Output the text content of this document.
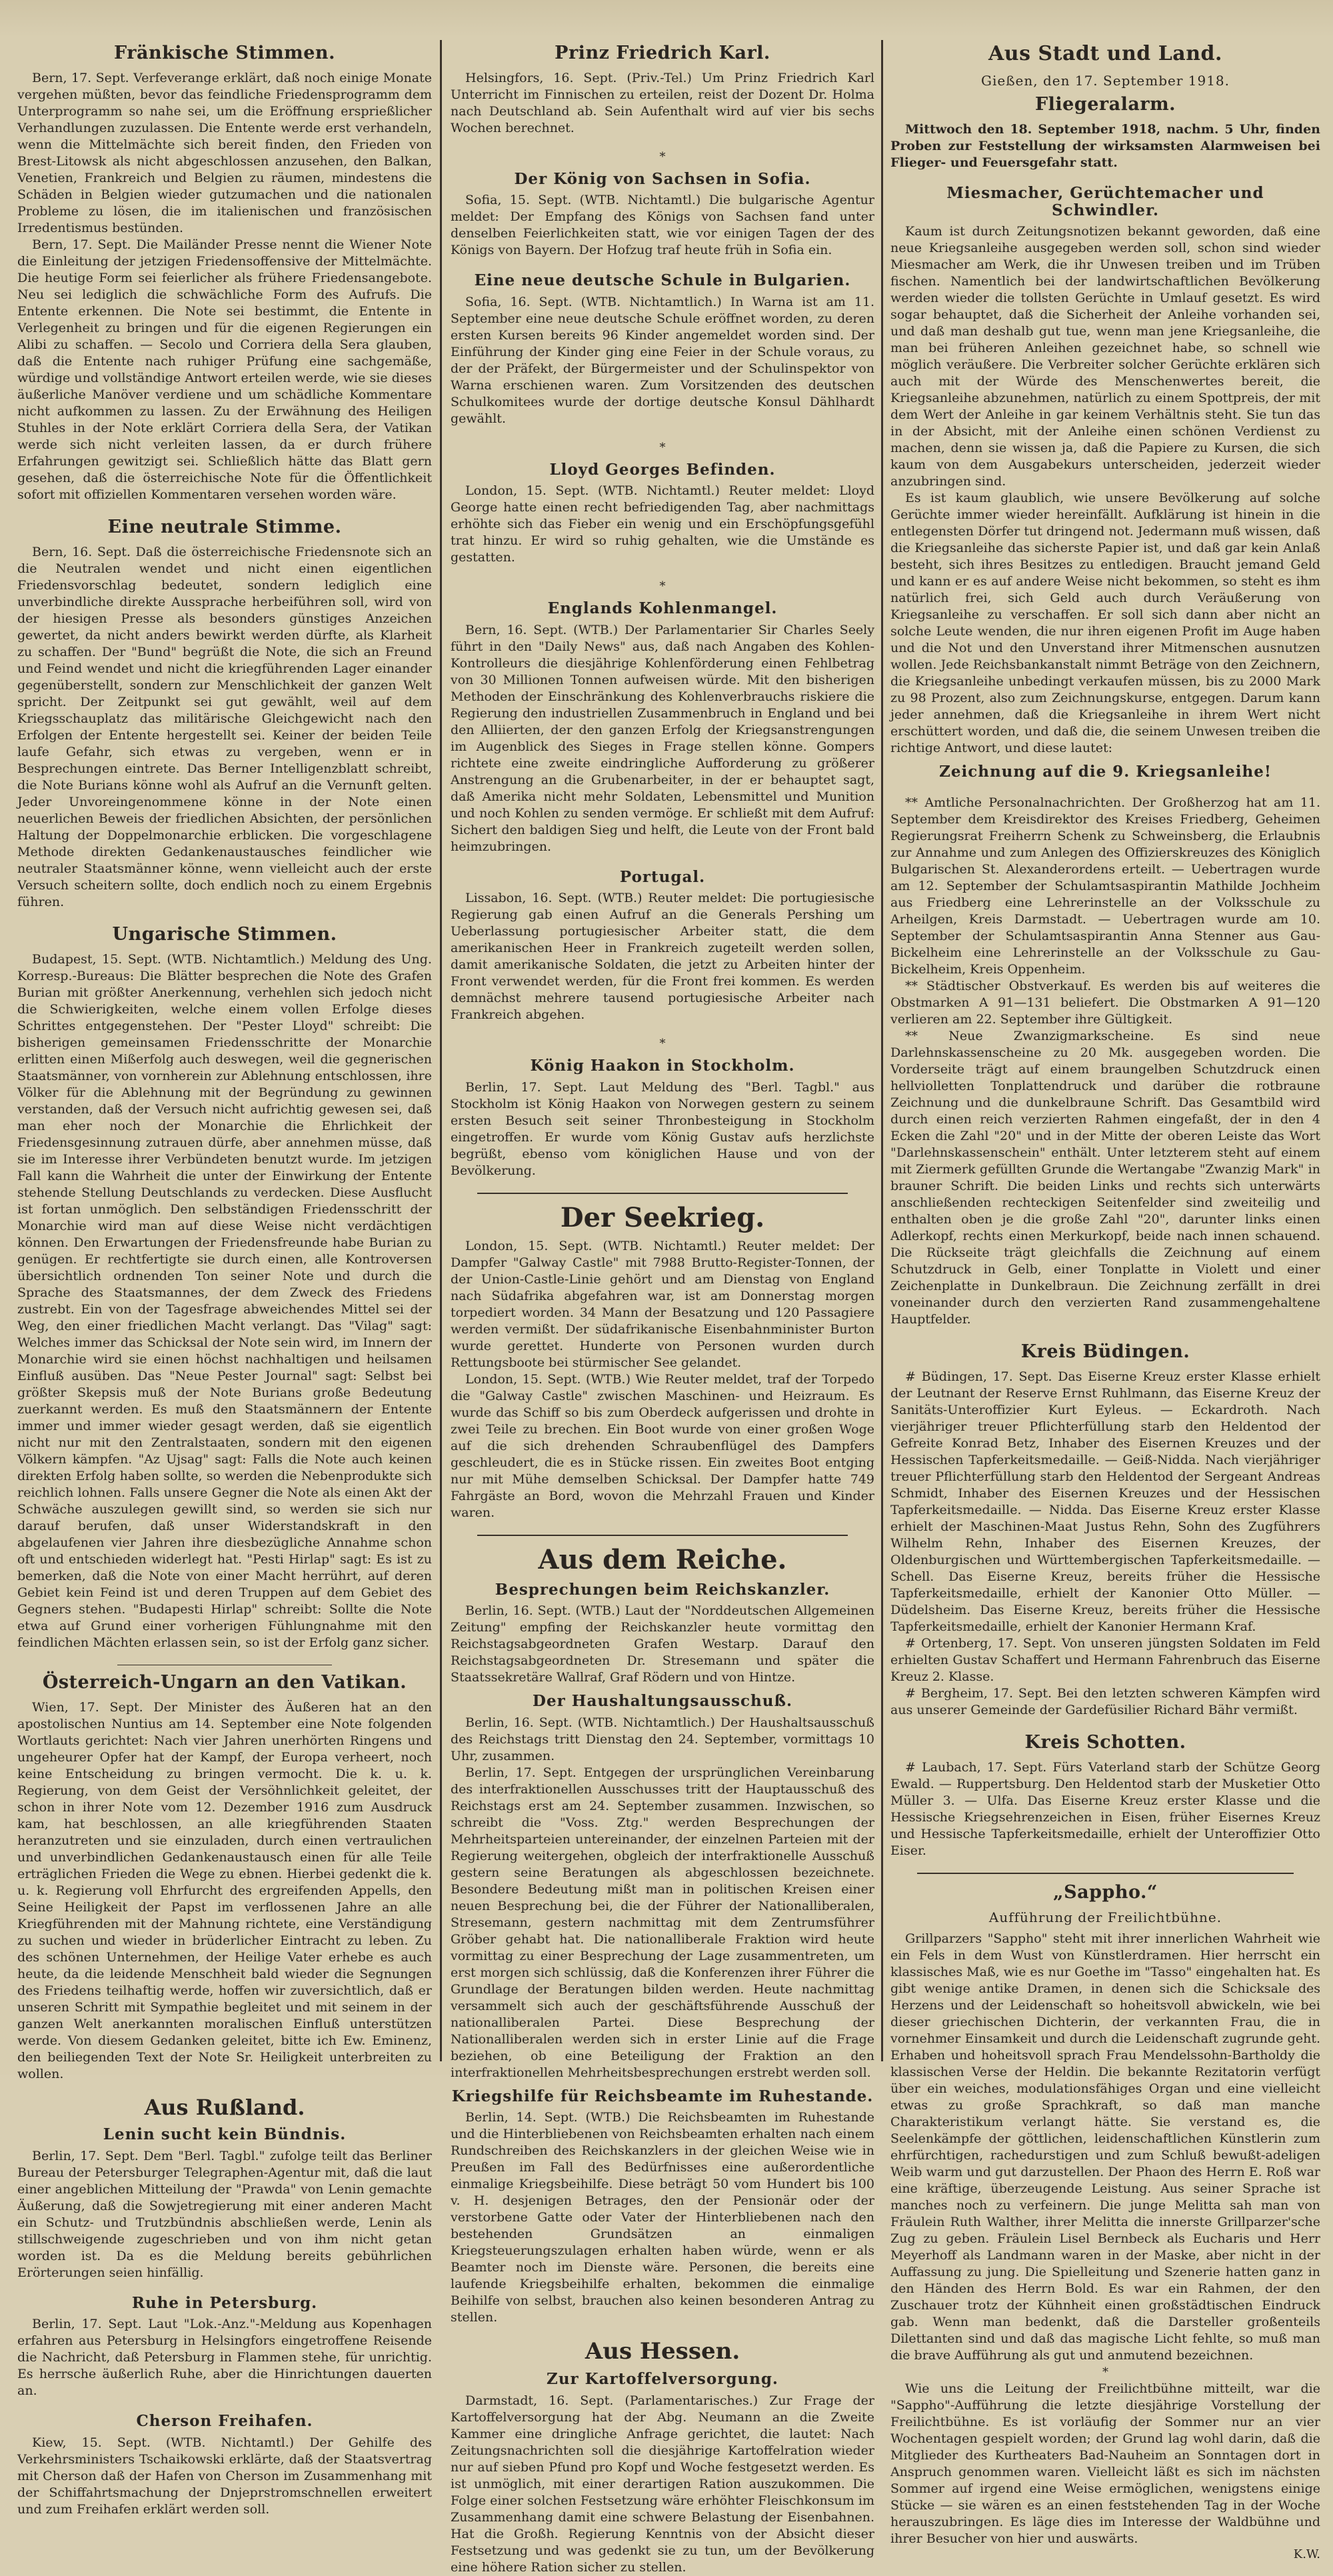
Fränkische Stimmen.

Bern, 17. Sept. Verfeverange erklärt, daß noch einige Monate vergehen müßten, bevor das feindliche Friedensprogramm dem Unterprogramm so nahe sei, um die Eröffnung ersprießlicher Verhandlungen zuzulassen. Die Entente werde erst verhandeln, wenn die Mittelmächte sich bereit finden, den Frieden von Brest-Litowsk als nicht abgeschlossen anzusehen, den Balkan, Venetien, Frankreich und Belgien zu räumen, mindestens die Schäden in Belgien wieder gutzumachen und die nationalen Probleme zu lösen, die im italienischen und französischen Irredentismus bestünden.

Bern, 17. Sept. Die Mailänder Presse nennt die Wiener Note die Einleitung der jetzigen Friedensoffensive der Mittelmächte. Die heutige Form sei feierlicher als frühere Friedensangebote. Neu sei lediglich die schwächliche Form des Aufrufs. Die Entente erkennen. Die Note sei bestimmt, die Entente in Verlegenheit zu bringen und für die eigenen Regierungen ein Alibi zu schaffen. — Secolo und Corriera della Sera glauben, daß die Entente nach ruhiger Prüfung eine sachgemäße, würdige und vollständige Antwort erteilen werde, wie sie dieses äußerliche Manöver verdiene und um schädliche Kommentare nicht aufkommen zu lassen. Zu der Erwähnung des Heiligen Stuhles in der Note erklärt Corriera della Sera, der Vatikan werde sich nicht verleiten lassen, da er durch frühere Erfahrungen gewitzigt sei. Schließlich hätte das Blatt gern gesehen, daß die österreichische Note für die Öffentlichkeit sofort mit offiziellen Kommentaren versehen worden wäre.

Eine neutrale Stimme.

Bern, 16. Sept. Daß die österreichische Friedensnote sich an die Neutralen wendet und nicht einen eigentlichen Friedensvorschlag bedeutet, sondern lediglich eine unverbindliche direkte Aussprache herbeiführen soll, wird von der hiesigen Presse als besonders günstiges Anzeichen gewertet, da nicht anders bewirkt werden dürfte, als Klarheit zu schaffen. Der "Bund" begrüßt die Note, die sich an Freund und Feind wendet und nicht die kriegführenden Lager einander gegenüberstellt, sondern zur Menschlichkeit der ganzen Welt spricht. Der Zeitpunkt sei gut gewählt, weil auf dem Kriegsschauplatz das militärische Gleichgewicht nach den Erfolgen der Entente hergestellt sei. Keiner der beiden Teile laufe Gefahr, sich etwas zu vergeben, wenn er in Besprechungen eintrete. Das Berner Intelligenzblatt schreibt, die Note Burians könne wohl als Aufruf an die Vernunft gelten. Jeder Unvoreingenommene könne in der Note einen neuerlichen Beweis der friedlichen Absichten, der persönlichen Haltung der Doppelmonarchie erblicken. Die vorgeschlagene Methode direkten Gedankenaustausches feindlicher wie neutraler Staatsmänner könne, wenn vielleicht auch der erste Versuch scheitern sollte, doch endlich noch zu einem Ergebnis führen.

Ungarische Stimmen.

Budapest, 15. Sept. (WTB. Nichtamtlich.) Meldung des Ung. Korresp.-Bureaus: Die Blätter besprechen die Note des Grafen Burian mit größter Anerkennung, verhehlen sich jedoch nicht die Schwierigkeiten, welche einem vollen Erfolge dieses Schrittes entgegenstehen. Der "Pester Lloyd" schreibt: Die bisherigen gemeinsamen Friedensschritte der Monarchie erlitten einen Mißerfolg auch deswegen, weil die gegnerischen Staatsmänner, von vornherein zur Ablehnung entschlossen, ihre Völker für die Ablehnung mit der Begründung zu gewinnen verstanden, daß der Versuch nicht aufrichtig gewesen sei, daß man eher noch der Monarchie die Ehrlichkeit der Friedensgesinnung zutrauen dürfe, aber annehmen müsse, daß sie im Interesse ihrer Verbündeten benutzt wurde. Im jetzigen Fall kann die Wahrheit die unter der Einwirkung der Entente stehende Stellung Deutschlands zu verdecken. Diese Ausflucht ist fortan unmöglich. Den selbständigen Friedensschritt der Monarchie wird man auf diese Weise nicht verdächtigen können. Den Erwartungen der Friedensfreunde habe Burian zu genügen. Er rechtfertigte sie durch einen, alle Kontroversen übersichtlich ordnenden Ton seiner Note und durch die Sprache des Staatsmannes, der dem Zweck des Friedens zustrebt. Ein von der Tagesfrage abweichendes Mittel sei der Weg, den einer friedlichen Macht verlangt. Das "Vilag" sagt: Welches immer das Schicksal der Note sein wird, im Innern der Monarchie wird sie einen höchst nachhaltigen und heilsamen Einfluß ausüben. Das "Neue Pester Journal" sagt: Selbst bei größter Skepsis muß der Note Burians große Bedeutung zuerkannt werden. Es muß den Staatsmännern der Entente immer und immer wieder gesagt werden, daß sie eigentlich nicht nur mit den Zentralstaaten, sondern mit den eigenen Völkern kämpfen. "Az Ujsag" sagt: Falls die Note auch keinen direkten Erfolg haben sollte, so werden die Nebenprodukte sich reichlich lohnen. Falls unsere Gegner die Note als einen Akt der Schwäche auszulegen gewillt sind, so werden sie sich nur darauf berufen, daß unser Widerstandskraft in den abgelaufenen vier Jahren ihre diesbezügliche Annahme schon oft und entschieden widerlegt hat. "Pesti Hirlap" sagt: Es ist zu bemerken, daß die Note von einer Macht herrührt, auf deren Gebiet kein Feind ist und deren Truppen auf dem Gebiet des Gegners stehen. "Budapesti Hirlap" schreibt: Sollte die Note etwa auf Grund einer vorherigen Fühlungnahme mit den feindlichen Mächten erlassen sein, so ist der Erfolg ganz sicher.

Österreich-Ungarn an den Vatikan.

Wien, 17. Sept. Der Minister des Äußeren hat an den apostolischen Nuntius am 14. September eine Note folgenden Wortlauts gerichtet: Nach vier Jahren unerhörten Ringens und ungeheurer Opfer hat der Kampf, der Europa verheert, noch keine Entscheidung zu bringen vermocht. Die k. u. k. Regierung, von dem Geist der Versöhnlichkeit geleitet, der schon in ihrer Note vom 12. Dezember 1916 zum Ausdruck kam, hat beschlossen, an alle kriegführenden Staaten heranzutreten und sie einzuladen, durch einen vertraulichen und unverbindlichen Gedankenaustausch einen für alle Teile erträglichen Frieden die Wege zu ebnen. Hierbei gedenkt die k. u. k. Regierung voll Ehrfurcht des ergreifenden Appells, den Seine Heiligkeit der Papst im verflossenen Jahre an alle Kriegführenden mit der Mahnung richtete, eine Verständigung zu suchen und wieder in brüderlicher Eintracht zu leben. Zu des schönen Unternehmen, der Heilige Vater erhebe es auch heute, da die leidende Menschheit bald wieder die Segnungen des Friedens teilhaftig werde, hoffen wir zuversichtlich, daß er unseren Schritt mit Sympathie begleitet und mit seinem in der ganzen Welt anerkannten moralischen Einfluß unterstützen werde. Von diesem Gedanken geleitet, bitte ich Ew. Eminenz, den beiliegenden Text der Note Sr. Heiligkeit unterbreiten zu wollen.

Aus Rußland.
Lenin sucht kein Bündnis.

Berlin, 17. Sept. Dem "Berl. Tagbl." zufolge teilt das Berliner Bureau der Petersburger Telegraphen-Agentur mit, daß die laut einer angeblichen Mitteilung der "Prawda" von Lenin gemachte Äußerung, daß die Sowjetregierung mit einer anderen Macht ein Schutz- und Trutzbündnis abschließen werde, Lenin als stillschweigende zugeschrieben und von ihm nicht getan worden ist. Da es die Meldung bereits gebührlichen Erörterungen seien hinfällig.

Ruhe in Petersburg.

Berlin, 17. Sept. Laut "Lok.-Anz."-Meldung aus Kopenhagen erfahren aus Petersburg in Helsingfors eingetroffene Reisende die Nachricht, daß Petersburg in Flammen stehe, für unrichtig. Es herrsche äußerlich Ruhe, aber die Hinrichtungen dauerten an.

Cherson Freihafen.

Kiew, 15. Sept. (WTB. Nichtamtl.) Der Gehilfe des Verkehrsministers Tschaikowski erklärte, daß der Staatsvertrag mit Cherson daß der Hafen von Cherson im Zusammenhang mit der Schiffahrtsmachung der Dnjeprstromschnellen erweitert und zum Freihafen erklärt werden soll.

Prinz Friedrich Karl.

Helsingfors, 16. Sept. (Priv.-Tel.) Um Prinz Friedrich Karl Unterricht im Finnischen zu erteilen, reist der Dozent Dr. Holma nach Deutschland ab. Sein Aufenthalt wird auf vier bis sechs Wochen berechnet.

*
Der König von Sachsen in Sofia.

Sofia, 15. Sept. (WTB. Nichtamtl.) Die bulgarische Agentur meldet: Der Empfang des Königs von Sachsen fand unter denselben Feierlichkeiten statt, wie vor einigen Tagen der des Königs von Bayern. Der Hofzug traf heute früh in Sofia ein.

Eine neue deutsche Schule in Bulgarien.

Sofia, 16. Sept. (WTB. Nichtamtlich.) In Warna ist am 11. September eine neue deutsche Schule eröffnet worden, zu deren ersten Kursen bereits 96 Kinder angemeldet worden sind. Der Einführung der Kinder ging eine Feier in der Schule voraus, zu der der Präfekt, der Bürgermeister und der Schulinspektor von Warna erschienen waren. Zum Vorsitzenden des deutschen Schulkomitees wurde der dortige deutsche Konsul Dählhardt gewählt.

*
Lloyd Georges Befinden.

London, 15. Sept. (WTB. Nichtamtl.) Reuter meldet: Lloyd George hatte einen recht befriedigenden Tag, aber nachmittags erhöhte sich das Fieber ein wenig und ein Erschöpfungsgefühl trat hinzu. Er wird so ruhig gehalten, wie die Umstände es gestatten.

*
Englands Kohlenmangel.

Bern, 16. Sept. (WTB.) Der Parlamentarier Sir Charles Seely führt in den "Daily News" aus, daß nach Angaben des Kohlen-Kontrolleurs die diesjährige Kohlenförderung einen Fehlbetrag von 30 Millionen Tonnen aufweisen würde. Mit den bisherigen Methoden der Einschränkung des Kohlenverbrauchs riskiere die Regierung den industriellen Zusammenbruch in England und bei den Alliierten, der den ganzen Erfolg der Kriegsanstrengungen im Augenblick des Sieges in Frage stellen könne. Gompers richtete eine zweite eindringliche Aufforderung zu größerer Anstrengung an die Grubenarbeiter, in der er behauptet sagt, daß Amerika nicht mehr Soldaten, Lebensmittel und Munition und noch Kohlen zu senden vermöge. Er schließt mit dem Aufruf: Sichert den baldigen Sieg und helft, die Leute von der Front bald heimzubringen.

Portugal.

Lissabon, 16. Sept. (WTB.) Reuter meldet: Die portugiesische Regierung gab einen Aufruf an die Generals Pershing um Ueberlassung portugiesischer Arbeiter statt, die dem amerikanischen Heer in Frankreich zugeteilt werden sollen, damit amerikanische Soldaten, die jetzt zu Arbeiten hinter der Front verwendet werden, für die Front frei kommen. Es werden demnächst mehrere tausend portugiesische Arbeiter nach Frankreich abgehen.

*
König Haakon in Stockholm.

Berlin, 17. Sept. Laut Meldung des "Berl. Tagbl." aus Stockholm ist König Haakon von Norwegen gestern zu seinem ersten Besuch seit seiner Thronbesteigung in Stockholm eingetroffen. Er wurde vom König Gustav aufs herzlichste begrüßt, ebenso vom königlichen Hause und von der Bevölkerung.

Der Seekrieg.

London, 15. Sept. (WTB. Nichtamtl.) Reuter meldet: Der Dampfer "Galway Castle" mit 7988 Brutto-Register-Tonnen, der der Union-Castle-Linie gehört und am Dienstag von England nach Südafrika abgefahren war, ist am Donnerstag morgen torpediert worden. 34 Mann der Besatzung und 120 Passagiere werden vermißt. Der südafrikanische Eisenbahnminister Burton wurde gerettet. Hunderte von Personen wurden durch Rettungsboote bei stürmischer See gelandet.

London, 15. Sept. (WTB.) Wie Reuter meldet, traf der Torpedo die "Galway Castle" zwischen Maschinen- und Heizraum. Es wurde das Schiff so bis zum Oberdeck aufgerissen und drohte in zwei Teile zu brechen. Ein Boot wurde von einer großen Woge auf die sich drehenden Schraubenflügel des Dampfers geschleudert, die es in Stücke rissen. Ein zweites Boot entging nur mit Mühe demselben Schicksal. Der Dampfer hatte 749 Fahrgäste an Bord, wovon die Mehrzahl Frauen und Kinder waren.

Aus dem Reiche.
Besprechungen beim Reichskanzler.

Berlin, 16. Sept. (WTB.) Laut der "Norddeutschen Allgemeinen Zeitung" empfing der Reichskanzler heute vormittag den Reichstagsabgeordneten Grafen Westarp. Darauf den Reichstagsabgeordneten Dr. Stresemann und später die Staatssekretäre Wallraf, Graf Rödern und von Hintze.

Der Haushaltungsausschuß.

Berlin, 16. Sept. (WTB. Nichtamtlich.) Der Haushaltsausschuß des Reichstags tritt Dienstag den 24. September, vormittags 10 Uhr, zusammen.

Berlin, 17. Sept. Entgegen der ursprünglichen Vereinbarung des interfraktionellen Ausschusses tritt der Hauptausschuß des Reichstags erst am 24. September zusammen. Inzwischen, so schreibt die "Voss. Ztg." werden Besprechungen der Mehrheitsparteien untereinander, der einzelnen Parteien mit der Regierung weitergehen, obgleich der interfraktionelle Ausschuß gestern seine Beratungen als abgeschlossen bezeichnete. Besondere Bedeutung mißt man in politischen Kreisen einer neuen Besprechung bei, die der Führer der Nationalliberalen, Stresemann, gestern nachmittag mit dem Zentrumsführer Gröber gehabt hat. Die nationalliberale Fraktion wird heute vormittag zu einer Besprechung der Lage zusammentreten, um erst morgen sich schlüssig, daß die Konferenzen ihrer Führer die Grundlage der Beratungen bilden werden. Heute nachmittag versammelt sich auch der geschäftsführende Ausschuß der nationalliberalen Partei. Diese Besprechung der Nationalliberalen werden sich in erster Linie auf die Frage beziehen, ob eine Beteiligung der Fraktion an den interfraktionellen Mehrheitsbesprechungen erstrebt werden soll.

Kriegshilfe für Reichsbeamte im Ruhestande.

Berlin, 14. Sept. (WTB.) Die Reichsbeamten im Ruhestande und die Hinterbliebenen von Reichsbeamten erhalten nach einem Rundschreiben des Reichskanzlers in der gleichen Weise wie in Preußen im Fall des Bedürfnisses eine außerordentliche einmalige Kriegsbeihilfe. Diese beträgt 50 vom Hundert bis 100 v. H. desjenigen Betrages, den der Pensionär oder der verstorbene Gatte oder Vater der Hinterbliebenen nach den bestehenden Grundsätzen an einmaligen Kriegsteuerungszulagen erhalten haben würde, wenn er als Beamter noch im Dienste wäre. Personen, die bereits eine laufende Kriegsbeihilfe erhalten, bekommen die einmalige Beihilfe von selbst, brauchen also keinen besonderen Antrag zu stellen.

Aus Hessen.
Zur Kartoffelversorgung.

Darmstadt, 16. Sept. (Parlamentarisches.) Zur Frage der Kartoffelversorgung hat der Abg. Neumann an die Zweite Kammer eine dringliche Anfrage gerichtet, die lautet: Nach Zeitungsnachrichten soll die diesjährige Kartoffelration wieder nur auf sieben Pfund pro Kopf und Woche festgesetzt werden. Es ist unmöglich, mit einer derartigen Ration auszukommen. Die Folge einer solchen Festsetzung wäre erhöhter Fleischkonsum im Zusammenhang damit eine schwere Belastung der Eisenbahnen. Hat die Großh. Regierung Kenntnis von der Absicht dieser Festsetzung und was gedenkt sie zu tun, um der Bevölkerung eine höhere Ration sicher zu stellen.

Aus Stadt und Land.
Gießen, den 17. September 1918.
Fliegeralarm.

Mittwoch den 18. September 1918, nachm. 5 Uhr, finden Proben zur Feststellung der wirksamsten Alarmweisen bei Flieger- und Feuersgefahr statt.

Miesmacher, Gerüchtemacher und Schwindler.

Kaum ist durch Zeitungsnotizen bekannt geworden, daß eine neue Kriegsanleihe ausgegeben werden soll, schon sind wieder Miesmacher am Werk, die ihr Unwesen treiben und im Trüben fischen. Namentlich bei der landwirtschaftlichen Bevölkerung werden wieder die tollsten Gerüchte in Umlauf gesetzt. Es wird sogar behauptet, daß die Sicherheit der Anleihe vorhanden sei, und daß man deshalb gut tue, wenn man jene Kriegsanleihe, die man bei früheren Anleihen gezeichnet habe, so schnell wie möglich veräußere. Die Verbreiter solcher Gerüchte erklären sich auch mit der Würde des Menschenwertes bereit, die Kriegsanleihe abzunehmen, natürlich zu einem Spottpreis, der mit dem Wert der Anleihe in gar keinem Verhältnis steht. Sie tun das in der Absicht, mit der Anleihe einen schönen Verdienst zu machen, denn sie wissen ja, daß die Papiere zu Kursen, die sich kaum von dem Ausgabekurs unterscheiden, jederzeit wieder anzubringen sind.

Es ist kaum glaublich, wie unsere Bevölkerung auf solche Gerüchte immer wieder hereinfällt. Aufklärung ist hinein in die entlegensten Dörfer tut dringend not. Jedermann muß wissen, daß die Kriegsanleihe das sicherste Papier ist, und daß gar kein Anlaß besteht, sich ihres Besitzes zu entledigen. Braucht jemand Geld und kann er es auf andere Weise nicht bekommen, so steht es ihm natürlich frei, sich Geld auch durch Veräußerung von Kriegsanleihe zu verschaffen. Er soll sich dann aber nicht an solche Leute wenden, die nur ihren eigenen Profit im Auge haben und die Not und den Unverstand ihrer Mitmenschen ausnutzen wollen. Jede Reichsbankanstalt nimmt Beträge von den Zeichnern, die Kriegsanleihe unbedingt verkaufen müssen, bis zu 2000 Mark zu 98 Prozent, also zum Zeichnungskurse, entgegen. Darum kann jeder annehmen, daß die Kriegsanleihe in ihrem Wert nicht erschüttert worden, und daß die, die seinem Unwesen treiben die richtige Antwort, und diese lautet:

Zeichnung auf die 9. Kriegsanleihe!

** Amtliche Personalnachrichten. Der Großherzog hat am 11. September dem Kreisdirektor des Kreises Friedberg, Geheimen Regierungsrat Freiherrn Schenk zu Schweinsberg, die Erlaubnis zur Annahme und zum Anlegen des Offizierskreuzes des Königlich Bulgarischen St. Alexanderordens erteilt. — Uebertragen wurde am 12. September der Schulamtsaspirantin Mathilde Jochheim aus Friedberg eine Lehrerinstelle an der Volksschule zu Arheilgen, Kreis Darmstadt. — Uebertragen wurde am 10. September der Schulamtsaspirantin Anna Stenner aus Gau-Bickelheim eine Lehrerinstelle an der Volksschule zu Gau-Bickelheim, Kreis Oppenheim.

** Städtischer Obstverkauf. Es werden bis auf weiteres die Obstmarken A 91—131 beliefert. Die Obstmarken A 91—120 verlieren am 22. September ihre Gültigkeit.

** Neue Zwanzigmarkscheine. Es sind neue Darlehnskassenscheine zu 20 Mk. ausgegeben worden. Die Vorderseite trägt auf einem braungelben Schutzdruck einen hellviolletten Tonplattendruck und darüber die rotbraune Zeichnung und die dunkelbraune Schrift. Das Gesamtbild wird durch einen reich verzierten Rahmen eingefaßt, der in den 4 Ecken die Zahl "20" und in der Mitte der oberen Leiste das Wort "Darlehnskassenschein" enthält. Unter letzterem steht auf einem mit Ziermerk gefüllten Grunde die Wertangabe "Zwanzig Mark" in brauner Schrift. Die beiden Links und rechts sich unterwärts anschließenden rechteckigen Seitenfelder sind zweiteilig und enthalten oben je die große Zahl "20", darunter links einen Adlerkopf, rechts einen Merkurkopf, beide nach innen schauend. Die Rückseite trägt gleichfalls die Zeichnung auf einem Schutzdruck in Gelb, einer Tonplatte in Violett und einer Zeichenplatte in Dunkelbraun. Die Zeichnung zerfällt in drei voneinander durch den verzierten Rand zusammengehaltene Hauptfelder.

Kreis Büdingen.

# Büdingen, 17. Sept. Das Eiserne Kreuz erster Klasse erhielt der Leutnant der Reserve Ernst Ruhlmann, das Eiserne Kreuz der Sanitäts-Unteroffizier Kurt Eyleus. — Eckardroth. Nach vierjähriger treuer Pflichterfüllung starb den Heldentod der Gefreite Konrad Betz, Inhaber des Eisernen Kreuzes und der Hessischen Tapferkeitsmedaille. — Geiß-Nidda. Nach vierjähriger treuer Pflichterfüllung starb den Heldentod der Sergeant Andreas Schmidt, Inhaber des Eisernen Kreuzes und der Hessischen Tapferkeitsmedaille. — Nidda. Das Eiserne Kreuz erster Klasse erhielt der Maschinen-Maat Justus Rehn, Sohn des Zugführers Wilhelm Rehn, Inhaber des Eisernen Kreuzes, der Oldenburgischen und Württembergischen Tapferkeitsmedaille. — Schell. Das Eiserne Kreuz, bereits früher die Hessische Tapferkeitsmedaille, erhielt der Kanonier Otto Müller. — Düdelsheim. Das Eiserne Kreuz, bereits früher die Hessische Tapferkeitsmedaille, erhielt der Kanonier Hermann Kraf.

# Ortenberg, 17. Sept. Von unseren jüngsten Soldaten im Feld erhielten Gustav Schaffert und Hermann Fahrenbruch das Eiserne Kreuz 2. Klasse.

# Bergheim, 17. Sept. Bei den letzten schweren Kämpfen wird aus unserer Gemeinde der Gardefüsilier Richard Bähr vermißt.

Kreis Schotten.

# Laubach, 17. Sept. Fürs Vaterland starb der Schütze Georg Ewald. — Ruppertsburg. Den Heldentod starb der Musketier Otto Müller 3. — Ulfa. Das Eiserne Kreuz erster Klasse und die Hessische Kriegsehrenzeichen in Eisen, früher Eisernes Kreuz und Hessische Tapferkeitsmedaille, erhielt der Unteroffizier Otto Eiser.

„Sappho.“
Aufführung der Freilichtbühne.

Grillparzers "Sappho" steht mit ihrer innerlichen Wahrheit wie ein Fels in dem Wust von Künstlerdramen. Hier herrscht ein klassisches Maß, wie es nur Goethe im "Tasso" eingehalten hat. Es gibt wenige antike Dramen, in denen sich die Schicksale des Herzens und der Leidenschaft so hoheitsvoll abwickeln, wie bei dieser griechischen Dichterin, der verkannten Frau, die in vornehmer Einsamkeit und durch die Leidenschaft zugrunde geht. Erhaben und hoheitsvoll sprach Frau Mendelssohn-Bartholdy die klassischen Verse der Heldin. Die bekannte Rezitatorin verfügt über ein weiches, modulationsfähiges Organ und eine vielleicht etwas zu große Sprachkraft, so daß man manche Charakteristikum verlangt hätte. Sie verstand es, die Seelenkämpfe der göttlichen, leidenschaftlichen Künstlerin zum ehrfürchtigen, rachedurstigen und zum Schluß bewußt-adeligen Weib warm und gut darzustellen. Der Phaon des Herrn E. Roß war eine kräftige, überzeugende Leistung. Aus seiner Sprache ist manches noch zu verfeinern. Die junge Melitta sah man von Fräulein Ruth Walther, ihrer Melitta die innerste Grillparzer'sche Zug zu geben. Fräulein Lisel Bernbeck als Eucharis und Herr Meyerhoff als Landmann waren in der Maske, aber nicht in der Auffassung zu jung. Die Spielleitung und Szenerie hatten ganz in den Händen des Herrn Bold. Es war ein Rahmen, der den Zuschauer trotz der Kühnheit einen großstädtischen Eindruck gab. Wenn man bedenkt, daß die Darsteller großenteils Dilettanten sind und daß das magische Licht fehlte, so muß man die brave Aufführung als gut und anmutend bezeichnen.

*

Wie uns die Leitung der Freilichtbühne mitteilt, war die "Sappho"-Aufführung die letzte diesjährige Vorstellung der Freilichtbühne. Es ist vorläufig der Sommer nur an vier Wochentagen gespielt worden; der Grund lag wohl darin, daß die Mitglieder des Kurtheaters Bad-Nauheim an Sonntagen dort in Anspruch genommen waren. Vielleicht läßt es sich im nächsten Sommer auf irgend eine Weise ermöglichen, wenigstens einige Stücke — sie wären es an einen feststehenden Tag in der Woche herauszubringen. Es läge dies im Interesse der Waldbühne und ihrer Besucher von hier und auswärts.

K.W.
